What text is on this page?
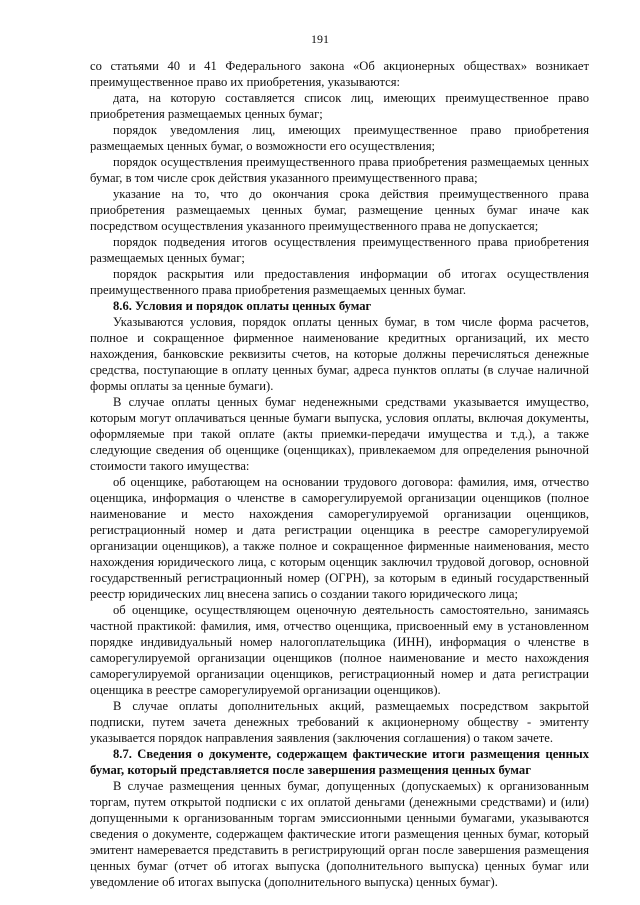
191

со статьями 40 и 41 Федерального закона «Об акционерных обществах» возникает преимущественное право их приобретения, указываются:

дата, на которую составляется список лиц, имеющих преимущественное право приобретения размещаемых ценных бумаг;

порядок уведомления лиц, имеющих преимущественное право приобретения размещаемых ценных бумаг, о возможности его осуществления;

порядок осуществления преимущественного права приобретения размещаемых ценных бумаг, в том числе срок действия указанного преимущественного права;

указание на то, что до окончания срока действия преимущественного права приобретения размещаемых ценных бумаг, размещение ценных бумаг иначе как посредством осуществления указанного преимущественного права не допускается;

порядок подведения итогов осуществления преимущественного права приобретения размещаемых ценных бумаг;

порядок раскрытия или предоставления информации об итогах осуществления преимущественного права приобретения размещаемых ценных бумаг.

8.6. Условия и порядок оплаты ценных бумаг

Указываются условия, порядок оплаты ценных бумаг, в том числе форма расчетов, полное и сокращенное фирменное наименование кредитных организаций, их место нахождения, банковские реквизиты счетов, на которые должны перечисляться денежные средства, поступающие в оплату ценных бумаг, адреса пунктов оплаты (в случае наличной формы оплаты за ценные бумаги).

В случае оплаты ценных бумаг неденежными средствами указывается имущество, которым могут оплачиваться ценные бумаги выпуска, условия оплаты, включая документы, оформляемые при такой оплате (акты приемки-передачи имущества и т.д.), а также следующие сведения об оценщике (оценщиках), привлекаемом для определения рыночной стоимости такого имущества:

об оценщике, работающем на основании трудового договора: фамилия, имя, отчество оценщика, информация о членстве в саморегулируемой организации оценщиков (полное наименование и место нахождения саморегулируемой организации оценщиков, регистрационный номер и дата регистрации оценщика в реестре саморегулируемой организации оценщиков), а также полное и сокращенное фирменные наименования, место нахождения юридического лица, с которым оценщик заключил трудовой договор, основной государственный регистрационный номер (ОГРН), за которым в единый государственный реестр юридических лиц внесена запись о создании такого юридического лица;

об оценщике, осуществляющем оценочную деятельность самостоятельно, занимаясь частной практикой: фамилия, имя, отчество оценщика, присвоенный ему в установленном порядке индивидуальный номер налогоплательщика (ИНН), информация о членстве в саморегулируемой организации оценщиков (полное наименование и место нахождения саморегулируемой организации оценщиков, регистрационный номер и дата регистрации оценщика в реестре саморегулируемой организации оценщиков).

В случае оплаты дополнительных акций, размещаемых посредством закрытой подписки, путем зачета денежных требований к акционерному обществу - эмитенту указывается порядок направления заявления (заключения соглашения) о таком зачете.

8.7. Сведения о документе, содержащем фактические итоги размещения ценных бумаг, который представляется после завершения размещения ценных бумаг

В случае размещения ценных бумаг, допущенных (допускаемых) к организованным торгам, путем открытой подписки с их оплатой деньгами (денежными средствами) и (или) допущенными к организованным торгам эмиссионными ценными бумагами, указываются сведения о документе, содержащем фактические итоги размещения ценных бумаг, который эмитент намеревается представить в регистрирующий орган после завершения размещения ценных бумаг (отчет об итогах выпуска (дополнительного выпуска) ценных бумаг или уведомление об итогах выпуска (дополнительного выпуска) ценных бумаг).
